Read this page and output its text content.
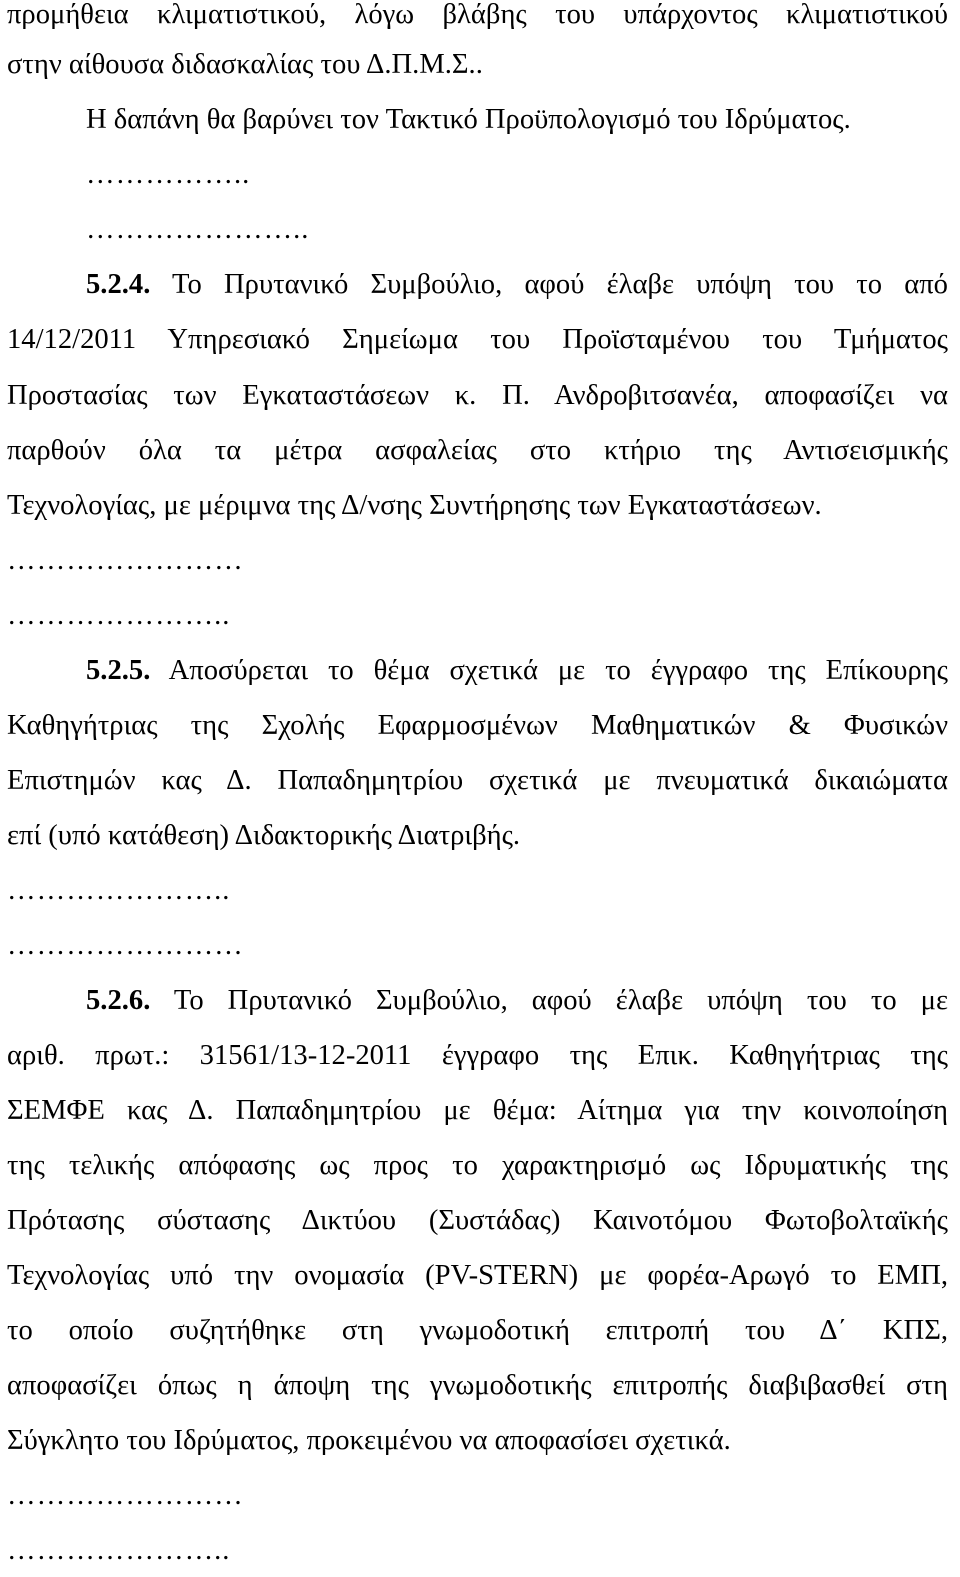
προμήθεια κλιματιστικού, λόγω βλάβης του υπάρχοντος κλιματιστικού
στην αίθουσα διδασκαλίας του Δ.Π.Μ.Σ..
Η δαπάνη θα βαρύνει τον Τακτικό Προϋπολογισμό του Ιδρύματος.
……………..
…………………..
5.2.4. Το Πρυτανικό Συμβούλιο, αφού έλαβε υπόψη του το από
14/12/2011 Υπηρεσιακό Σημείωμα του Προϊσταμένου του Τμήματος
Προστασίας των Εγκαταστάσεων κ. Π. Ανδροβιτσανέα, αποφασίζει να
παρθούν όλα τα μέτρα ασφαλείας στο κτήριο της Αντισεισμικής
Τεχνολογίας, με μέριμνα της Δ/νσης Συντήρησης των Εγκαταστάσεων.
……………………
…………………..
5.2.5. Αποσύρεται το θέμα σχετικά με το έγγραφο της Επίκουρης
Καθηγήτριας της Σχολής Εφαρμοσμένων Μαθηματικών & Φυσικών
Επιστημών κας Δ. Παπαδημητρίου σχετικά με πνευματικά δικαιώματα
επί (υπό κατάθεση) Διδακτορικής Διατριβής.
…………………..
……………………
5.2.6. Το Πρυτανικό Συμβούλιο, αφού έλαβε υπόψη του το με
αριθ. πρωτ.: 31561/13-12-2011 έγγραφο της Επικ. Καθηγήτριας της
ΣΕΜΦΕ κας Δ. Παπαδημητρίου με θέμα: Αίτημα για την κοινοποίηση
της τελικής απόφασης ως προς το χαρακτηρισμό ως Ιδρυματικής της
Πρότασης σύστασης Δικτύου (Συστάδας) Καινοτόμου Φωτοβολταϊκής
Τεχνολογίας υπό την ονομασία (PV-STERN) με φορέα-Αρωγό το ΕΜΠ,
το οποίο συζητήθηκε στη γνωμοδοτική επιτροπή του Δ΄ ΚΠΣ,
αποφασίζει όπως η άποψη της γνωμοδοτικής επιτροπής διαβιβασθεί στη
Σύγκλητο του Ιδρύματος, προκειμένου να αποφασίσει σχετικά.
……………………
…………………..
